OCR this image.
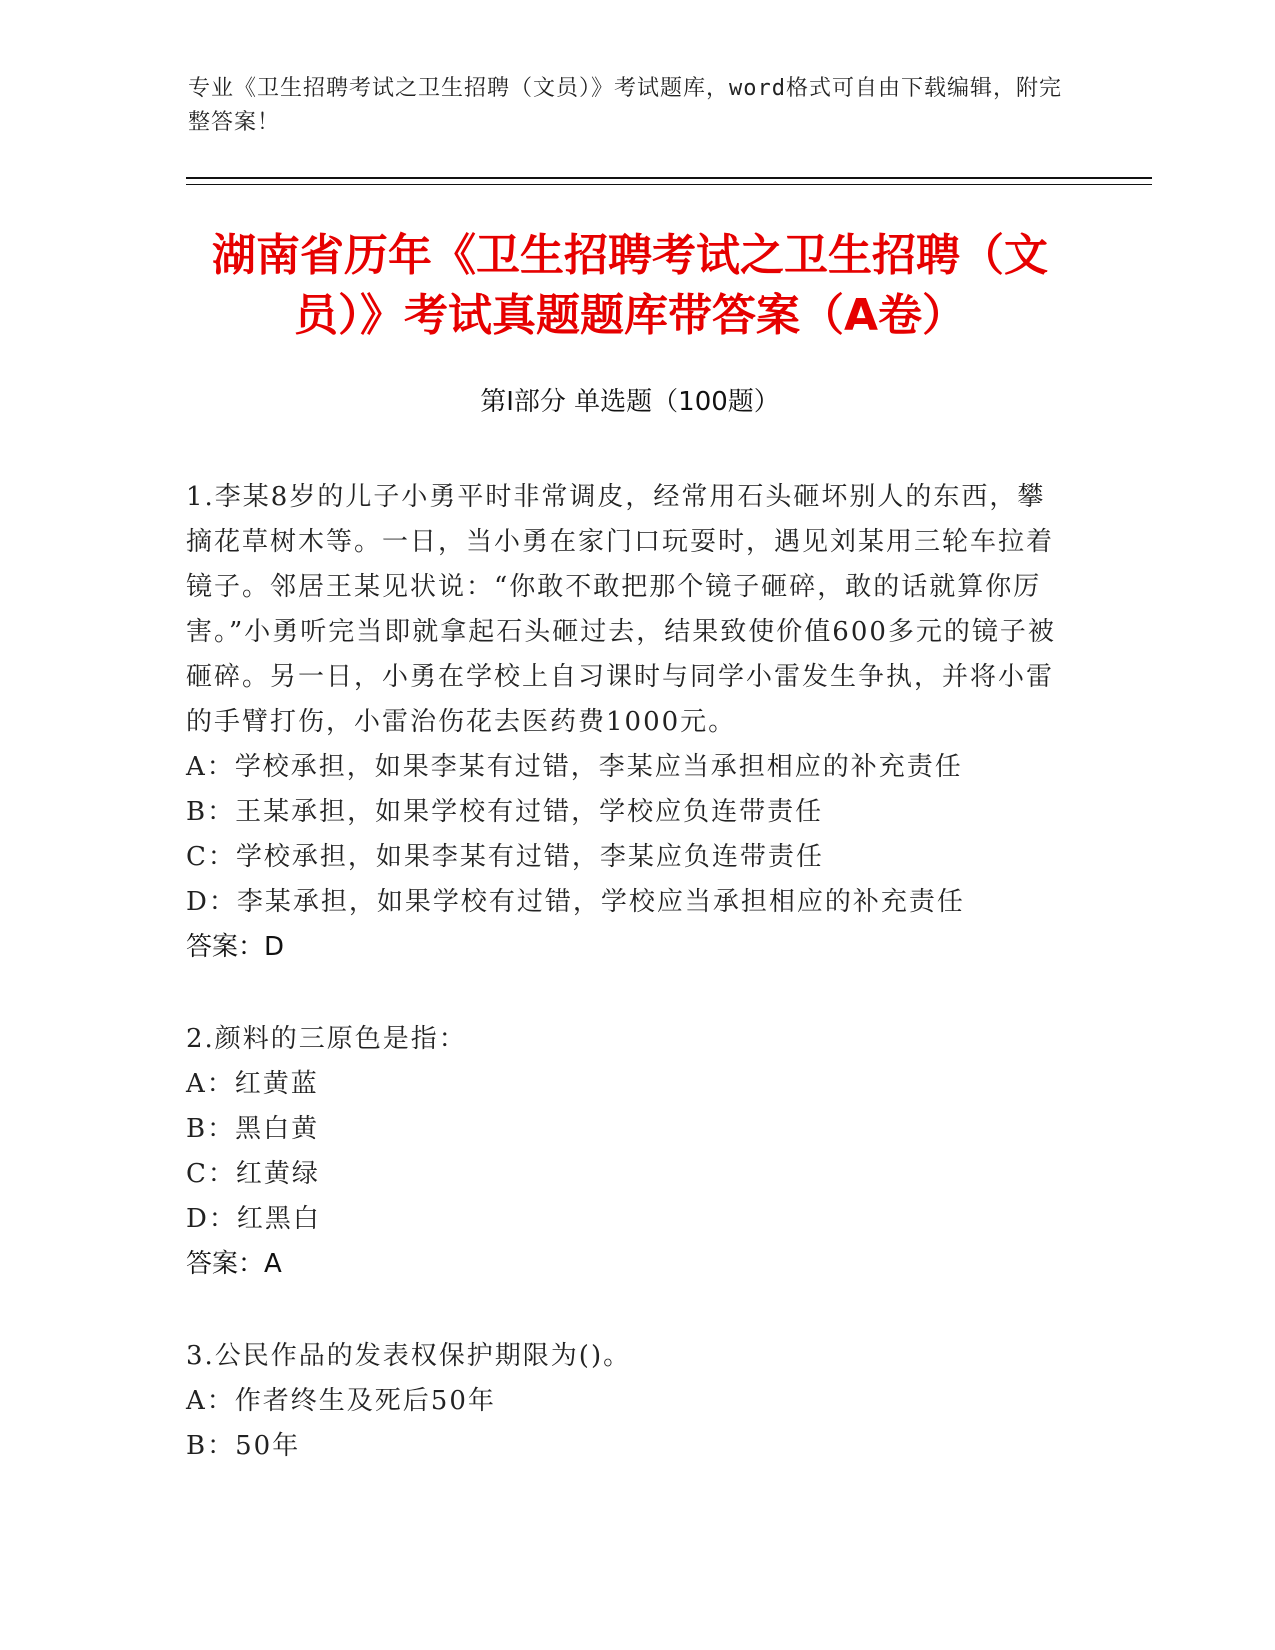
专业《卫生招聘考试之卫生招聘（文员）》考试题库，word格式可自由下载编辑，附完整答案！
湖南省历年《卫生招聘考试之卫生招聘（文员）》考试真题题库带答案（A卷）
第I部分 单选题（100题）
1.李某8岁的儿子小勇平时非常调皮，经常用石头砸坏别人的东西，攀摘花草树木等。一日，当小勇在家门口玩耍时，遇见刘某用三轮车拉着镜子。邻居王某见状说：“你敢不敢把那个镜子砸碎，敢的话就算你厉害。”小勇听完当即就拿起石头砸过去，结果致使价值600多元的镜子被砸碎。另一日，小勇在学校上自习课时与同学小雷发生争执，并将小雷的手臂打伤，小雷治伤花去医药费1000元。
A：学校承担，如果李某有过错，李某应当承担相应的补充责任
B：王某承担，如果学校有过错，学校应负连带责任
C：学校承担，如果李某有过错，李某应负连带责任
D：李某承担，如果学校有过错，学校应当承担相应的补充责任
答案：D
2.颜料的三原色是指：
A：红黄蓝
B：黑白黄
C：红黄绿
D：红黑白
答案：A
3.公民作品的发表权保护期限为()。
A：作者终生及死后50年
B：50年
